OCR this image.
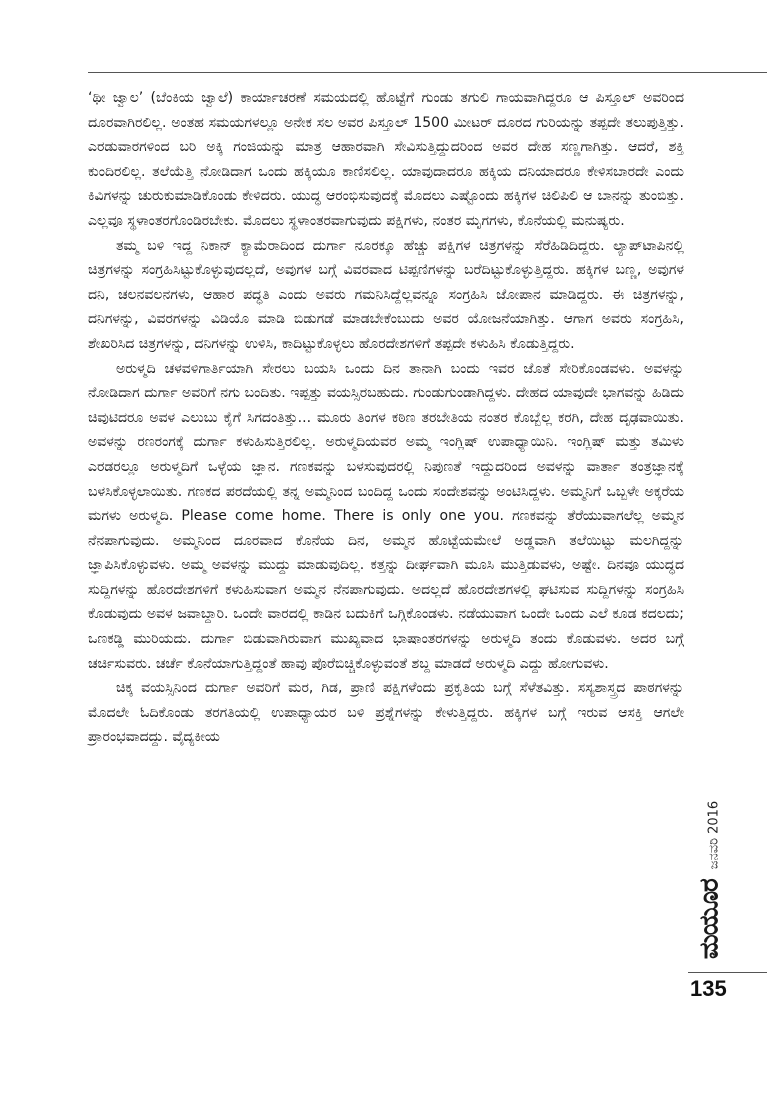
‘ಥೀ ಜ್ವಾಲ’ (ಬೆಂಕಿಯ ಜ್ವಾಲೆ) ಕಾರ್ಯಾಚರಣೆ ಸಮಯದಲ್ಲಿ ಹೊಟ್ಟೆಗೆ ಗುಂಡು ತಗುಲಿ ಗಾಯವಾಗಿದ್ದರೂ ಆ ಪಿಸ್ತೂಲ್ ಅವರಿಂದ ದೂರವಾಗಿರಲಿಲ್ಲ. ಅಂತಹ ಸಮಯಗಳಲ್ಲೂ ಅನೇಕ ಸಲ ಅವರ ಪಿಸ್ತೂಲ್ 1500 ಮೀಟರ್ ದೂರದ ಗುರಿಯನ್ನು ತಪ್ಪದೇ ತಲುಪುತ್ತಿತ್ತು. ಎರಡುವಾರಗಳಿಂದ ಬರಿ ಅಕ್ಕಿ ಗಂಜಿಯನ್ನು ಮಾತ್ರ ಆಹಾರವಾಗಿ ಸೇವಿಸುತ್ತಿದ್ದುದರಿಂದ ಅವರ ದೇಹ ಸಣ್ಣಗಾಗಿತ್ತು. ಆದರೆ, ಶಕ್ತಿ ಕುಂದಿರಲಿಲ್ಲ. ತಲೆಯೆತ್ತಿ ನೋಡಿದಾಗ ಒಂದು ಹಕ್ಕಿಯೂ ಕಾಣಿಸಲಿಲ್ಲ. ಯಾವುದಾದರೂ ಹಕ್ಕಿಯ ದನಿಯಾದರೂ ಕೇಳಿಸಬಾರದೇ ಎಂದು ಕಿವಿಗಳನ್ನು ಚುರುಕುಮಾಡಿಕೊಂಡು ಕೇಳಿದರು. ಯುದ್ಧ ಆರಂಭಿಸುವುದಕ್ಕೆ ಮೊದಲು ಎಷ್ಟೊಂದು ಹಕ್ಕಿಗಳ ಚಿಲಿಪಿಲಿ ಆ ಬಾನನ್ನು ತುಂಬಿತ್ತು. ಎಲ್ಲವೂ ಸ್ಥಳಾಂತರಗೊಂಡಿರಬೇಕು. ಮೊದಲು ಸ್ಥಳಾಂತರವಾಗುವುದು ಪಕ್ಷಿಗಳು, ನಂತರ ಮೃಗಗಳು, ಕೊನೆಯಲ್ಲಿ ಮನುಷ್ಯರು.

ತಮ್ಮ ಬಳಿ ಇದ್ದ ನಿಕಾನ್ ಕ್ಯಾಮೆರಾದಿಂದ ದುರ್ಗಾ ನೂರಕ್ಕೂ ಹೆಚ್ಚು ಪಕ್ಷಿಗಳ ಚಿತ್ರಗಳನ್ನು ಸೆರೆಹಿಡಿದಿದ್ದರು. ಲ್ಯಾಪ್‌ಟಾಪಿನಲ್ಲಿ ಚಿತ್ರಗಳನ್ನು ಸಂಗ್ರಹಿಸಿಟ್ಟುಕೊಳ್ಳುವುದಲ್ಲದೆ, ಅವುಗಳ ಬಗ್ಗೆ ವಿವರವಾದ ಟಿಪ್ಪಣಿಗಳನ್ನು ಬರೆದಿಟ್ಟುಕೊಳ್ಳುತ್ತಿದ್ದರು. ಹಕ್ಕಿಗಳ ಬಣ್ಣ, ಅವುಗಳ ದನಿ, ಚಲನವಲನಗಳು, ಆಹಾರ ಪದ್ಧತಿ ಎಂದು ಅವರು ಗಮನಿಸಿದ್ದೆಲ್ಲವನ್ನೂ ಸಂಗ್ರಹಿಸಿ ಜೋಪಾನ ಮಾಡಿದ್ದರು. ಈ ಚಿತ್ರಗಳನ್ನು, ದನಿಗಳನ್ನು, ವಿವರಗಳನ್ನು ವಿಡಿಯೊ ಮಾಡಿ ಬಿಡುಗಡೆ ಮಾಡಬೇಕೆಂಬುದು ಅವರ ಯೋಜನೆಯಾಗಿತ್ತು. ಆಗಾಗ ಅವರು ಸಂಗ್ರಹಿಸಿ, ಶೇಖರಿಸಿದ ಚಿತ್ರಗಳನ್ನು, ದನಿಗಳನ್ನು ಉಳಿಸಿ, ಕಾದಿಟ್ಟುಕೊಳ್ಳಲು ಹೊರದೇಶಗಳಿಗೆ ತಪ್ಪದೇ ಕಳುಹಿಸಿ ಕೊಡುತ್ತಿದ್ದರು.

ಅರುಳ್ಮದಿ ಚಳವಳಿಗಾರ್ತಿಯಾಗಿ ಸೇರಲು ಬಯಸಿ ಒಂದು ದಿನ ತಾನಾಗಿ ಬಂದು ಇವರ ಜೊತೆ ಸೇರಿಕೊಂಡವಳು. ಅವಳನ್ನು ನೋಡಿದಾಗ ದುರ್ಗಾ ಅವರಿಗೆ ನಗು ಬಂದಿತು. ಇಪ್ಪತ್ತು ವಯಸ್ಸಿರಬಹುದು. ಗುಂಡುಗುಂಡಾಗಿದ್ದಳು. ದೇಹದ ಯಾವುದೇ ಭಾಗವನ್ನು ಹಿಡಿದು ಚಿವುಟಿದರೂ ಅವಳ ಎಲುಬು ಕೈಗೆ ಸಿಗದಂತಿತ್ತು... ಮೂರು ತಿಂಗಳ ಕಠಿಣ ತರಬೇತಿಯ ನಂತರ ಕೊಬ್ಬೆಲ್ಲ ಕರಗಿ, ದೇಹ ದೃಢವಾಯಿತು. ಅವಳನ್ನು ರಣರಂಗಕ್ಕೆ ದುರ್ಗಾ ಕಳುಹಿಸುತ್ತಿರಲಿಲ್ಲ. ಅರುಳ್ಮದಿಯವರ ಅಮ್ಮ ಇಂಗ್ಲಿಷ್ ಉಪಾಧ್ಯಾಯಿನಿ. ಇಂಗ್ಲಿಷ್ ಮತ್ತು ತಮಿಳು ಎರಡರಲ್ಲೂ ಅರುಳ್ಮದಿಗೆ ಒಳ್ಳೆಯ ಜ್ಞಾನ. ಗಣಕವನ್ನು ಬಳಸುವುದರಲ್ಲಿ ನಿಪುಣತೆ ಇದ್ದುದರಿಂದ ಅವಳನ್ನು ವಾರ್ತಾ ತಂತ್ರಜ್ಞಾನಕ್ಕೆ ಬಳಸಿಕೊಳ್ಳಲಾಯಿತು. ಗಣಕದ ಪರದೆಯಲ್ಲಿ ತನ್ನ ಅಮ್ಮನಿಂದ ಬಂದಿದ್ದ ಒಂದು ಸಂದೇಶವನ್ನು ಅಂಟಿಸಿದ್ದಳು. ಅಮ್ಮನಿಗೆ ಒಬ್ಬಳೇ ಅಕ್ಕರೆಯ ಮಗಳು ಅರುಳ್ಮದಿ. Please come home. There is only one you. ಗಣಕವನ್ನು ತೆರೆಯುವಾಗಲೆಲ್ಲ ಅಮ್ಮನ ನೆನಪಾಗುವುದು. ಅಮ್ಮನಿಂದ ದೂರವಾದ ಕೊನೆಯ ದಿನ, ಅಮ್ಮನ ಹೊಟ್ಟೆಯಮೇಲೆ ಅಡ್ಡವಾಗಿ ತಲೆಯಿಟ್ಟು ಮಲಗಿದ್ದನ್ನು ಜ್ಞಾಪಿಸಿಕೊಳ್ಳುವಳು. ಅಮ್ಮ ಅವಳನ್ನು ಮುದ್ದು ಮಾಡುವುದಿಲ್ಲ. ಕತ್ತನ್ನು ದೀರ್ಘವಾಗಿ ಮೂಸಿ ಮುತ್ತಿಡುವಳು, ಅಷ್ಟೇ. ದಿನವೂ ಯುದ್ಧದ ಸುದ್ದಿಗಳನ್ನು ಹೊರದೇಶಗಳಿಗೆ ಕಳುಹಿಸುವಾಗ ಅಮ್ಮನ ನೆನಪಾಗುವುದು. ಅದಲ್ಲದೆ ಹೊರದೇಶಗಳಲ್ಲಿ ಘಟಿಸುವ ಸುದ್ದಿಗಳನ್ನು ಸಂಗ್ರಹಿಸಿ ಕೊಡುವುದು ಅವಳ ಜವಾಬ್ದಾರಿ. ಒಂದೇ ವಾರದಲ್ಲಿ ಕಾಡಿನ ಬದುಕಿಗೆ ಒಗ್ಗಿಕೊಂಡಳು. ನಡೆಯುವಾಗ ಒಂದೇ ಒಂದು ಎಲೆ ಕೂಡ ಕದಲದು; ಒಣಕಡ್ಡಿ ಮುರಿಯದು. ದುರ್ಗಾ ಬಿಡುವಾಗಿರುವಾಗ ಮುಖ್ಯವಾದ ಭಾಷಾಂತರಗಳನ್ನು ಅರುಳ್ಮದಿ ತಂದು ಕೊಡುವಳು. ಅದರ ಬಗ್ಗೆ ಚರ್ಚಿಸುವರು. ಚರ್ಚೆ ಕೊನೆಯಾಗುತ್ತಿದ್ದಂತೆ ಹಾವು ಪೊರೆಬಿಚ್ಚಿಕೊಳ್ಳುವಂತೆ ಶಬ್ದ ಮಾಡದೆ ಅರುಳ್ಮದಿ ಎದ್ದು ಹೋಗುವಳು.

ಚಿಕ್ಕ ವಯಸ್ಸಿನಿಂದ ದುರ್ಗಾ ಅವರಿಗೆ ಮರ, ಗಿಡ, ಪ್ರಾಣಿ ಪಕ್ಷಿಗಳೆಂದು ಪ್ರಕೃತಿಯ ಬಗ್ಗೆ ಸೆಳೆತವಿತ್ತು. ಸಸ್ಯಶಾಸ್ತ್ರದ ಪಾಠಗಳನ್ನು ಮೊದಲೇ ಓದಿಕೊಂಡು ತರಗತಿಯಲ್ಲಿ ಉಪಾಧ್ಯಾಯರ ಬಳಿ ಪ್ರಶ್ನೆಗಳನ್ನು ಕೇಳುತ್ತಿದ್ದರು. ಹಕ್ಕಿಗಳ ಬಗ್ಗೆ ಇರುವ ಆಸಕ್ತಿ ಆಗಲೇ ಪ್ರಾರಂಭವಾದದ್ದು. ವೈದ್ಯಕೀಯ

ಮಯೂರ
ಜನವರಿ 2016
135
